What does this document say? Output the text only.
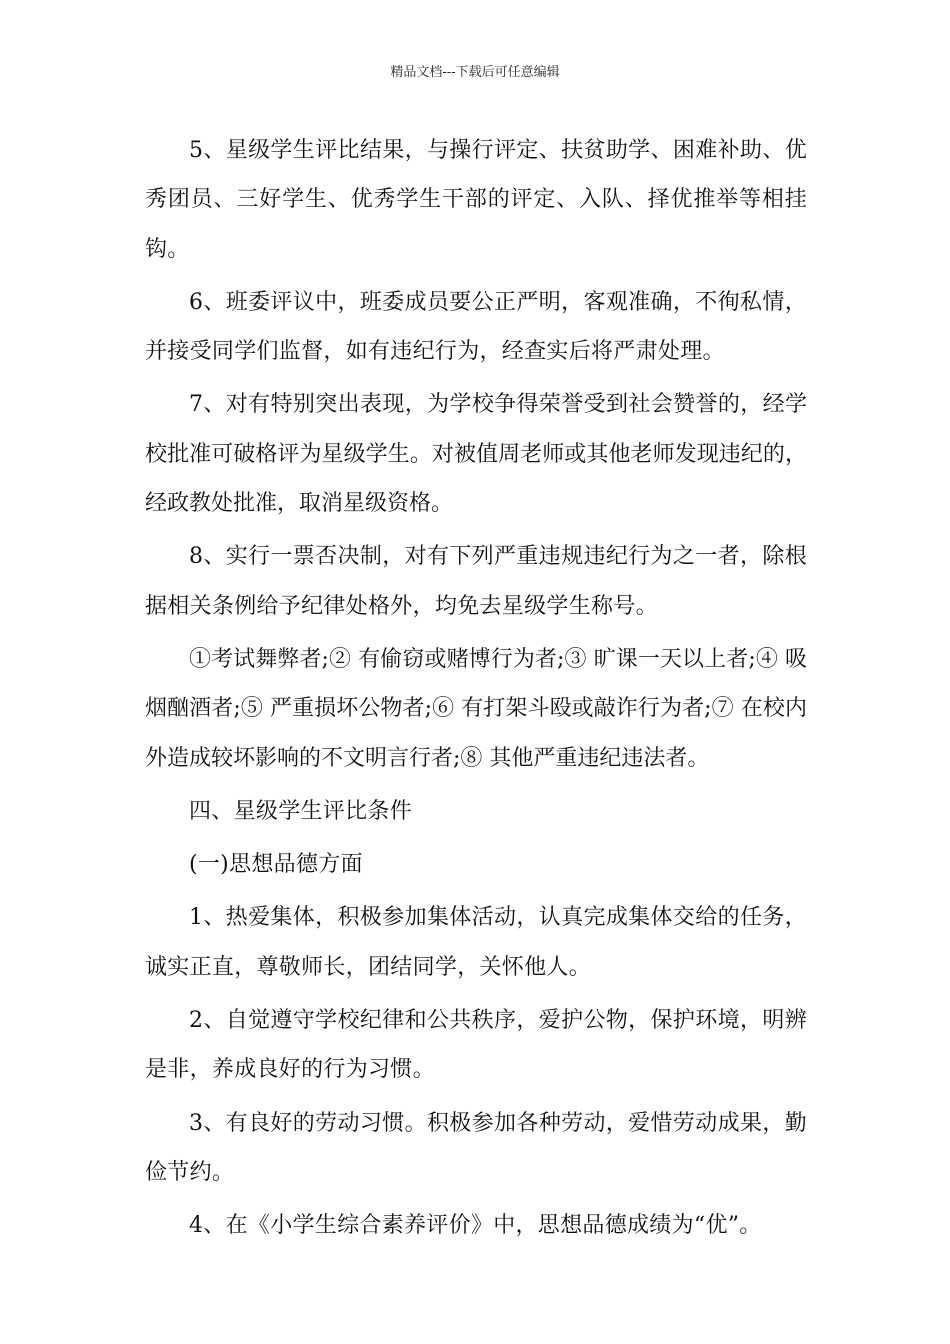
精品文档---下载后可任意编辑

5、星级学生评比结果，与操行评定、扶贫助学、困难补助、优秀团员、三好学生、优秀学生干部的评定、入队、择优推举等相挂钩。

6、班委评议中，班委成员要公正严明，客观准确，不徇私情，并接受同学们监督，如有违纪行为，经查实后将严肃处理。

7、对有特别突出表现，为学校争得荣誉受到社会赞誉的，经学校批准可破格评为星级学生。对被值周老师或其他老师发现违纪的，经政教处批准，取消星级资格。

8、实行一票否决制，对有下列严重违规违纪行为之一者，除根据相关条例给予纪律处格外，均免去星级学生称号。

①考试舞弊者;② 有偷窃或赌博行为者;③ 旷课一天以上者;④ 吸烟酗酒者;⑤ 严重损坏公物者;⑥ 有打架斗殴或敲诈行为者;⑦ 在校内外造成较坏影响的不文明言行者;⑧ 其他严重违纪违法者。

四、星级学生评比条件

(一)思想品德方面

1、热爱集体，积极参加集体活动，认真完成集体交给的任务，诚实正直，尊敬师长，团结同学，关怀他人。

2、自觉遵守学校纪律和公共秩序，爱护公物，保护环境，明辨是非，养成良好的行为习惯。

3、有良好的劳动习惯。积极参加各种劳动，爱惜劳动成果，勤俭节约。

4、在《小学生综合素养评价》中，思想品德成绩为“优”。
